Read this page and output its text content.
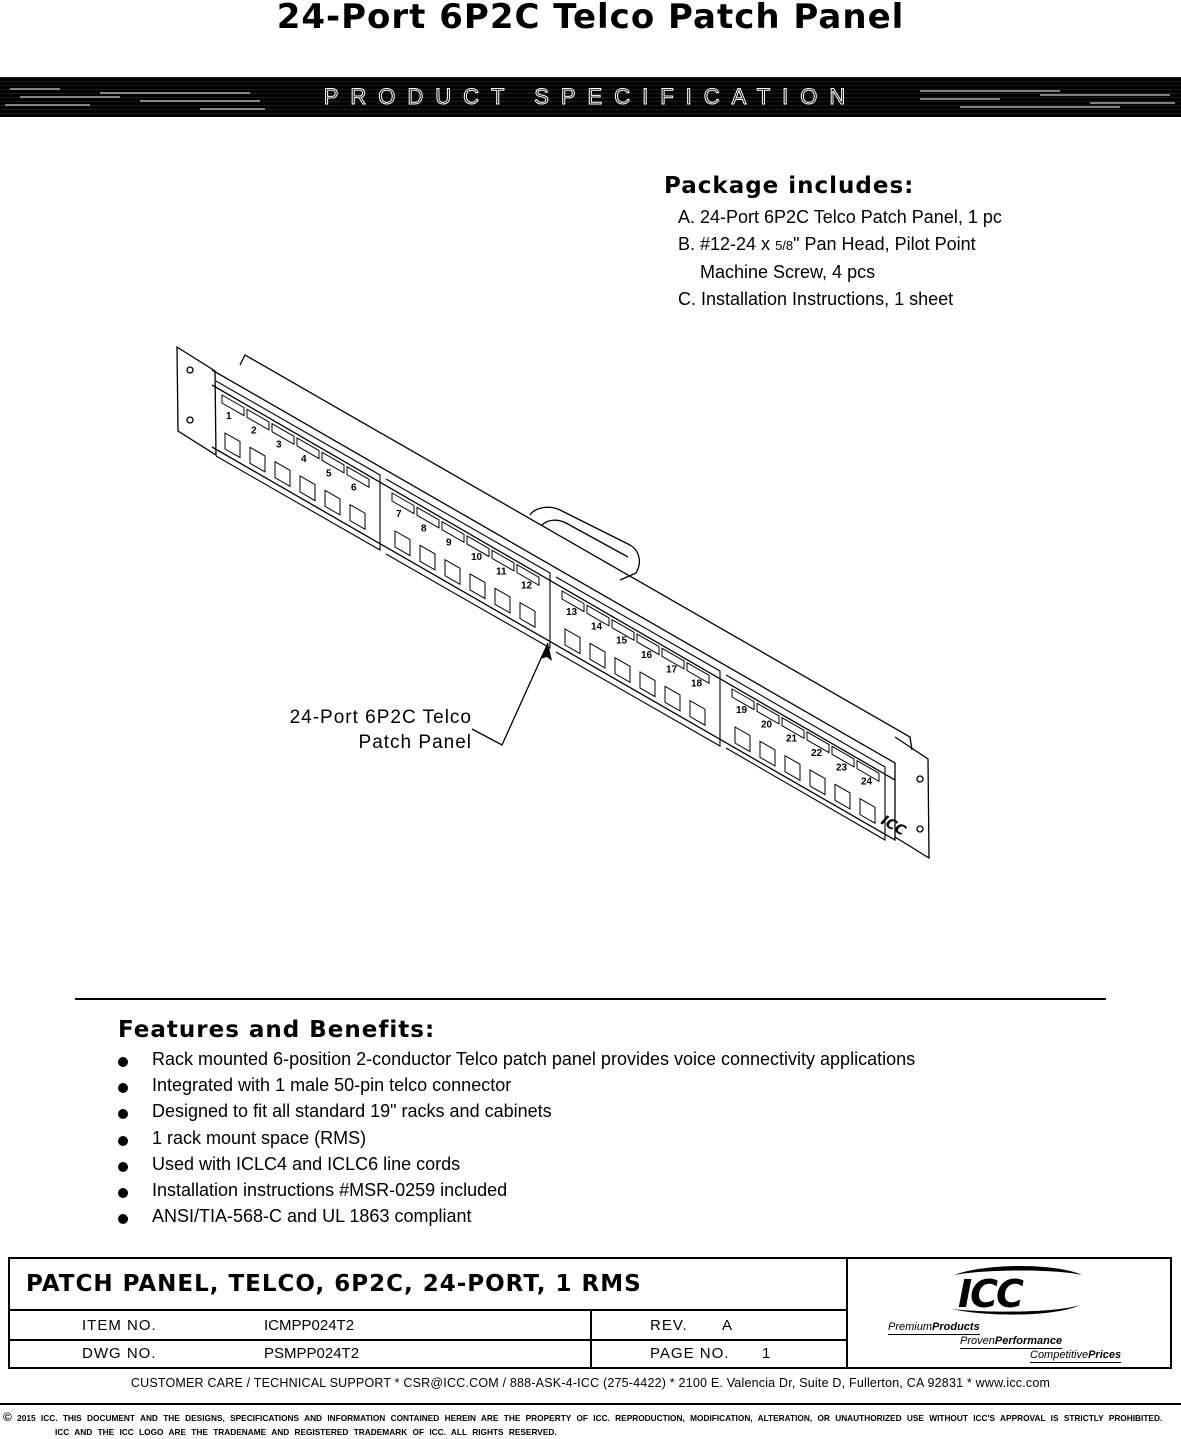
24-Port 6P2C Telco Patch Panel
PRODUCT SPECIFICATION
Package includes:
A. 24-Port 6P2C Telco Patch Panel, 1 pc
B. #12-24 x 5/8" Pan Head, Pilot Point
Machine Screw, 4 pcs
C. Installation Instructions, 1 sheet
1
2
3
4
5
6
7
8
9
10
11
12
13
14
15
16
17
18
19
20
21
22
23
24
ICC
24-Port 6P2C Telco
Patch Panel
Features and Benefits:
Rack mounted 6-position 2-conductor Telco patch panel provides voice connectivity applications
Integrated with 1 male 50-pin telco connector
Designed to fit all standard 19" racks and cabinets
1 rack mount space (RMS)
Used with ICLC4 and ICLC6 line cords
Installation instructions #MSR-0259 included
ANSI/TIA-568-C and UL 1863 compliant
PATCH PANEL, TELCO, 6P2C, 24-PORT, 1 RMS
ITEM NO.	ICMPP024T2	REV. A
DWG NO.	PSMPP024T2	PAGE NO. 1
ICC
PremiumProducts
ProvenPerformance
CompetitivePrices
CUSTOMER CARE / TECHNICAL SUPPORT * CSR@ICC.COM / 888-ASK-4-ICC (275-4422) * 2100 E. Valencia Dr, Suite D, Fullerton, CA 92831 * www.icc.com
© 2015 ICC. THIS DOCUMENT AND THE DESIGNS, SPECIFICATIONS AND INFORMATION CONTAINED HEREIN ARE THE PROPERTY OF ICC. REPRODUCTION, MODIFICATION, ALTERATION, OR UNAUTHORIZED USE WITHOUT ICC'S APPROVAL IS STRICTLY PROHIBITED.
ICC AND THE ICC LOGO ARE THE TRADENAME AND REGISTERED TRADEMARK OF ICC. ALL RIGHTS RESERVED.
